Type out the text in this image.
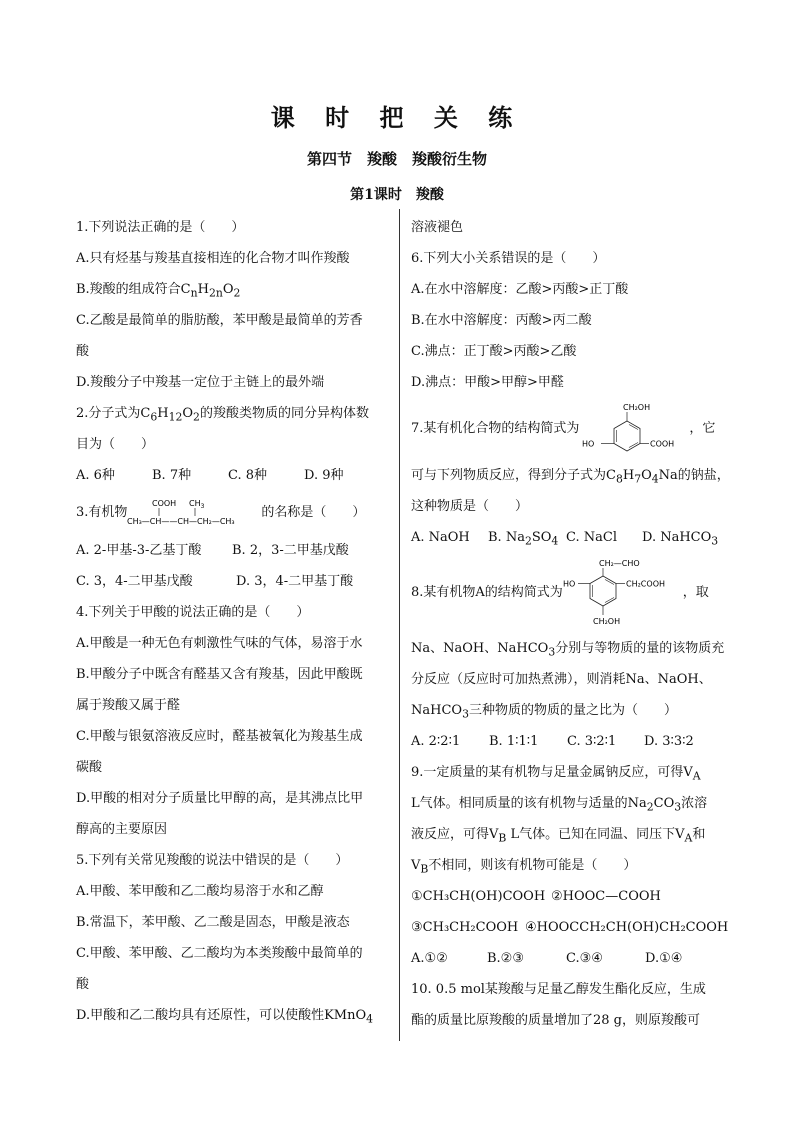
课 时 把 关 练
第四节　羧酸　羧酸衍生物
第1课时　羧酸
1.下列说法正确的是（　　）
A.只有烃基与羧基直接相连的化合物才叫作羧酸
B.羧酸的组成符合$C_nH_{2n}O_2$
C.乙酸是最简单的脂肪酸，苯甲酸是最简单的芳香
酸
D.羧酸分子中羧基一定位于主链上的最外端
2.分子式为$C_6H_{12}O_2$的羧酸类物质的同分异构体数
目为（　　）
A. 6种	B. 7种	C. 8种	D. 9种
3.有机物
COOH $CH_3$
CH₃—CH——CH—CH₂—CH₃
的名称是（　　）
A. 2-甲基-3-乙基丁酸	B. 2，3-二甲基戊酸
C. 3，4-二甲基戊酸	D. 3，4-二甲基丁酸
4.下列关于甲酸的说法正确的是（　　）
A.甲酸是一种无色有刺激性气味的气体，易溶于水
B.甲酸分子中既含有醛基又含有羧基，因此甲酸既
属于羧酸又属于醛
C.甲酸与银氨溶液反应时，醛基被氧化为羧基生成
碳酸
D.甲酸的相对分子质量比甲醇的高，是其沸点比甲
醇高的主要原因
5.下列有关常见羧酸的说法中错误的是（　　）
A.甲酸、苯甲酸和乙二酸均易溶于水和乙醇
B.常温下，苯甲酸、乙二酸是固态，甲酸是液态
C.甲酸、苯甲酸、乙二酸均为本类羧酸中最简单的
酸
D.甲酸和乙二酸均具有还原性，可以使酸性KMnO$_4$
溶液褪色
6.下列大小关系错误的是（　　）
A.在水中溶解度：乙酸>丙酸>正丁酸
B.在水中溶解度：丙酸>丙二酸
C.沸点：正丁酸>丙酸>乙酸
D.沸点：甲酸>甲醇>甲醛
7.某有机化合物的结构简式为
CH₂OH
HO	COOH
，它
可与下列物质反应，得到分子式为$C_8H_7O_4Na$的钠盐，
这种物质是（　　）
A. NaOH	B. $Na_2SO_4$ C. NaCl	D. NaHCO$_3$
8.某有机物A的结构简式为
CH₂—CHO
HO	CH₂COOH
CH₂OH
，取
Na、NaOH、NaHCO$_3$分别与等物质的量的该物质充
分反应（反应时可加热煮沸），则消耗Na、NaOH、
NaHCO$_3$三种物质的物质的量之比为（　　）
A. 2∶2∶1	B. 1∶1∶1	C. 3∶2∶1	D. 3∶3∶2
9.一定质量的某有机物与足量金属钠反应，可得$V_A$
L气体。相同质量的该有机物与适量的$Na_2CO_3$浓溶
液反应，可得$V_B$ L气体。已知在同温、同压下$V_A$和
$V_B$不相同，则该有机物可能是（　　）
①CH₃CH(OH)COOH ②HOOC—COOH
③CH₃CH₂COOH ④HOOCCH₂CH(OH)CH₂COOH
A.①②	B.②③	C.③④	D.①④
10. 0.5 mol某羧酸与足量乙醇发生酯化反应，生成
酯的质量比原羧酸的质量增加了28 g，则原羧酸可
